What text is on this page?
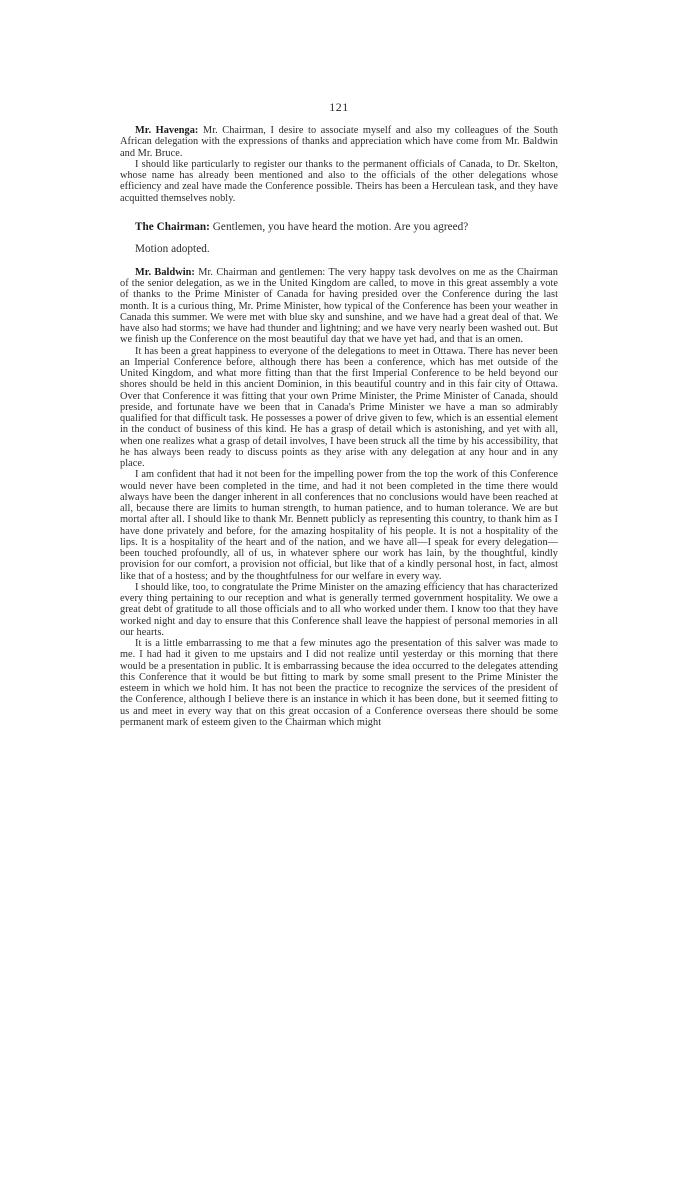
121

Mr. Havenga: Mr. Chairman, I desire to associate myself and also my colleagues of the South African delegation with the expressions of thanks and appreciation which have come from Mr. Baldwin and Mr. Bruce.

I should like particularly to register our thanks to the permanent officials of Canada, to Dr. Skelton, whose name has already been mentioned and also to the officials of the other delegations whose efficiency and zeal have made the Conference possible. Theirs has been a Herculean task, and they have acquitted themselves nobly.

The Chairman: Gentlemen, you have heard the motion. Are you agreed?

Motion adopted.

Mr. Baldwin: Mr. Chairman and gentlemen: The very happy task devolves on me as the Chairman of the senior delegation, as we in the United Kingdom are called, to move in this great assembly a vote of thanks to the Prime Minister of Canada for having presided over the Conference during the last month. It is a curious thing, Mr. Prime Minister, how typical of the Conference has been your weather in Canada this summer. We were met with blue sky and sunshine, and we have had a great deal of that. We have also had storms; we have had thunder and lightning; and we have very nearly been washed out. But we finish up the Conference on the most beautiful day that we have yet had, and that is an omen.

It has been a great happiness to everyone of the delegations to meet in Ottawa. There has never been an Imperial Conference before, although there has been a conference, which has met outside of the United Kingdom, and what more fitting than that the first Imperial Conference to be held beyond our shores should be held in this ancient Dominion, in this beautiful country and in this fair city of Ottawa. Over that Conference it was fitting that your own Prime Minister, the Prime Minister of Canada, should preside, and fortunate have we been that in Canada's Prime Minister we have a man so admirably qualified for that difficult task. He possesses a power of drive given to few, which is an essential element in the conduct of business of this kind. He has a grasp of detail which is astonishing, and yet with all, when one realizes what a grasp of detail involves, I have been struck all the time by his accessibility, that he has always been ready to discuss points as they arise with any delegation at any hour and in any place.

I am confident that had it not been for the impelling power from the top the work of this Conference would never have been completed in the time, and had it not been completed in the time there would always have been the danger inherent in all conferences that no conclusions would have been reached at all, because there are limits to human strength, to human patience, and to human tolerance. We are but mortal after all. I should like to thank Mr. Bennett publicly as representing this country, to thank him as I have done privately and before, for the amazing hospitality of his people. It is not a hospitality of the lips. It is a hospitality of the heart and of the nation, and we have all—I speak for every delegation—been touched profoundly, all of us, in whatever sphere our work has lain, by the thoughtful, kindly provision for our comfort, a provision not official, but like that of a kindly personal host, in fact, almost like that of a hostess; and by the thoughtfulness for our welfare in every way.

I should like, too, to congratulate the Prime Minister on the amazing efficiency that has characterized every thing pertaining to our reception and what is generally termed government hospitality. We owe a great debt of gratitude to all those officials and to all who worked under them. I know too that they have worked night and day to ensure that this Conference shall leave the happiest of personal memories in all our hearts.

It is a little embarrassing to me that a few minutes ago the presentation of this salver was made to me. I had had it given to me upstairs and I did not realize until yesterday or this morning that there would be a presentation in public. It is embarrassing because the idea occurred to the delegates attending this Conference that it would be but fitting to mark by some small present to the Prime Minister the esteem in which we hold him. It has not been the practice to recognize the services of the president of the Conference, although I believe there is an instance in which it has been done, but it seemed fitting to us and meet in every way that on this great occasion of a Conference overseas there should be some permanent mark of esteem given to the Chairman which might
